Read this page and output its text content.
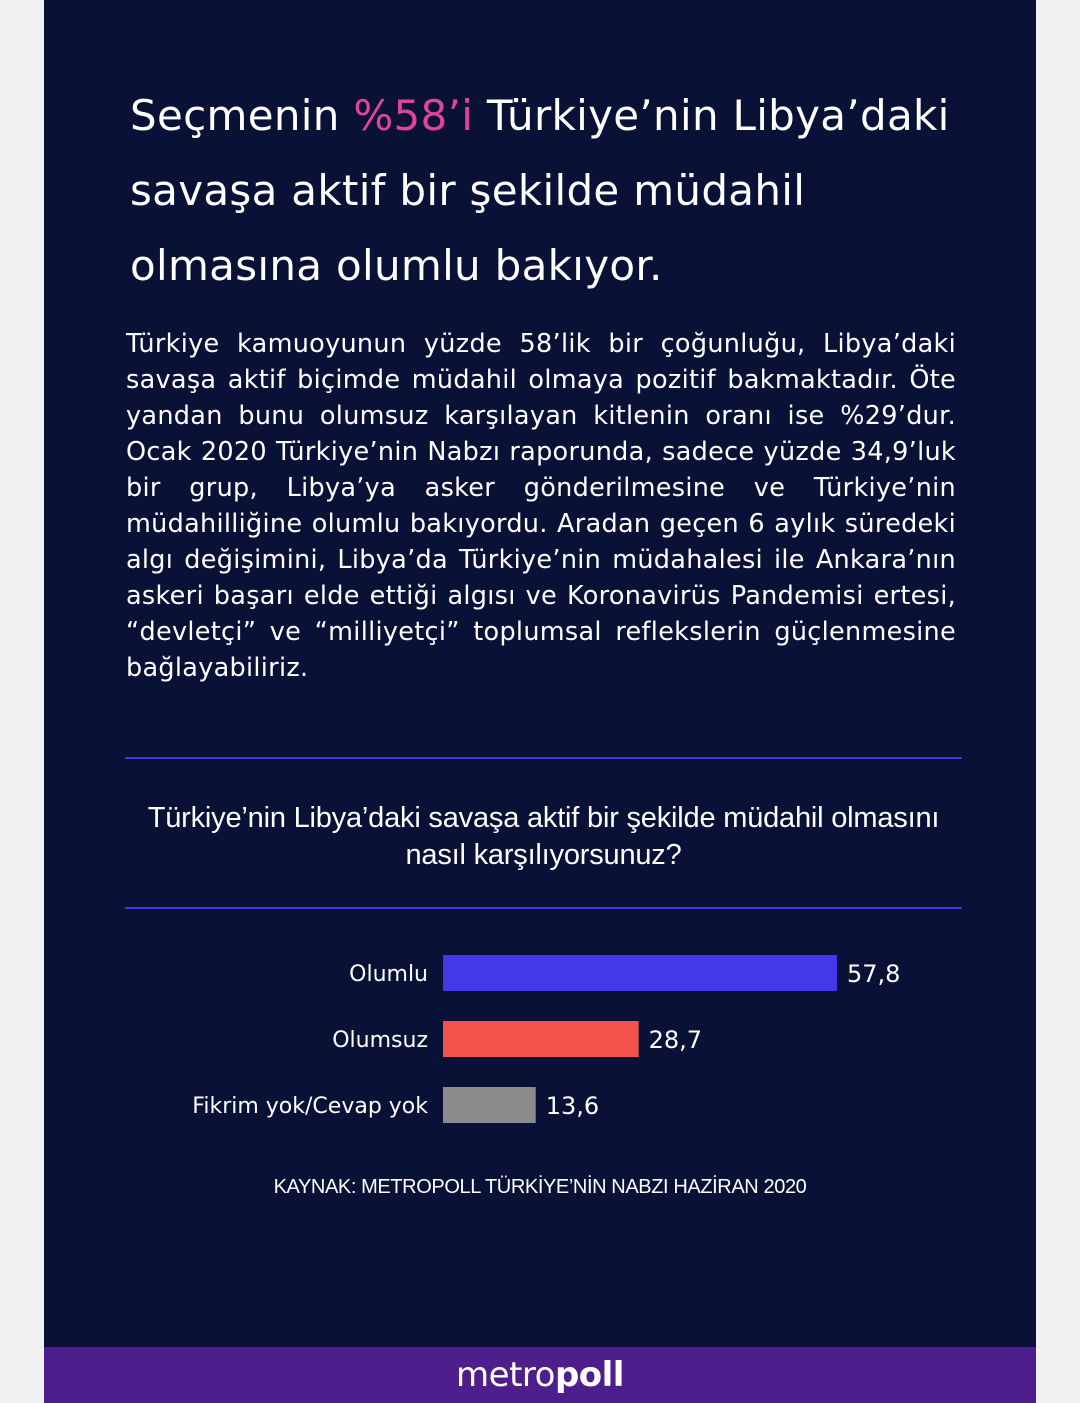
Seçmenin %58’i Türkiye’nin Libya’daki savaşa aktif bir şekilde müdahil olmasına olumlu bakıyor.

Türkiye kamuoyunun yüzde 58’lik bir çoğunluğu, Libya’daki savaşa aktif biçimde müdahil olmaya pozitif bakmaktadır. Öte yandan bunu olumsuz karşılayan kitlenin oranı ise %29’dur. Ocak 2020 Türkiye’nin Nabzı raporunda, sadece yüzde 34,9’luk bir grup, Libya’ya asker gönderilmesine ve Türkiye’nin müdahilliğine olumlu bakıyordu. Aradan geçen 6 aylık süredeki algı değişimini, Libya’da Türkiye’nin müdahalesi ile Ankara’nın askeri başarı elde ettiği algısı ve Koronavirüs Pandemisi ertesi, “devletçi” ve “milliyetçi” toplumsal reflekslerin güçlenmesine bağlayabiliriz.

Türkiye’nin Libya’daki savaşa aktif bir şekilde müdahil olmasını nasıl karşılıyorsunuz?

Olumlu	57,8
Olumsuz	28,7
Fikrim yok/Cevap yok	13,6

KAYNAK: METROPOLL TÜRKİYE’NİN NABZI HAZİRAN 2020

metropoll
